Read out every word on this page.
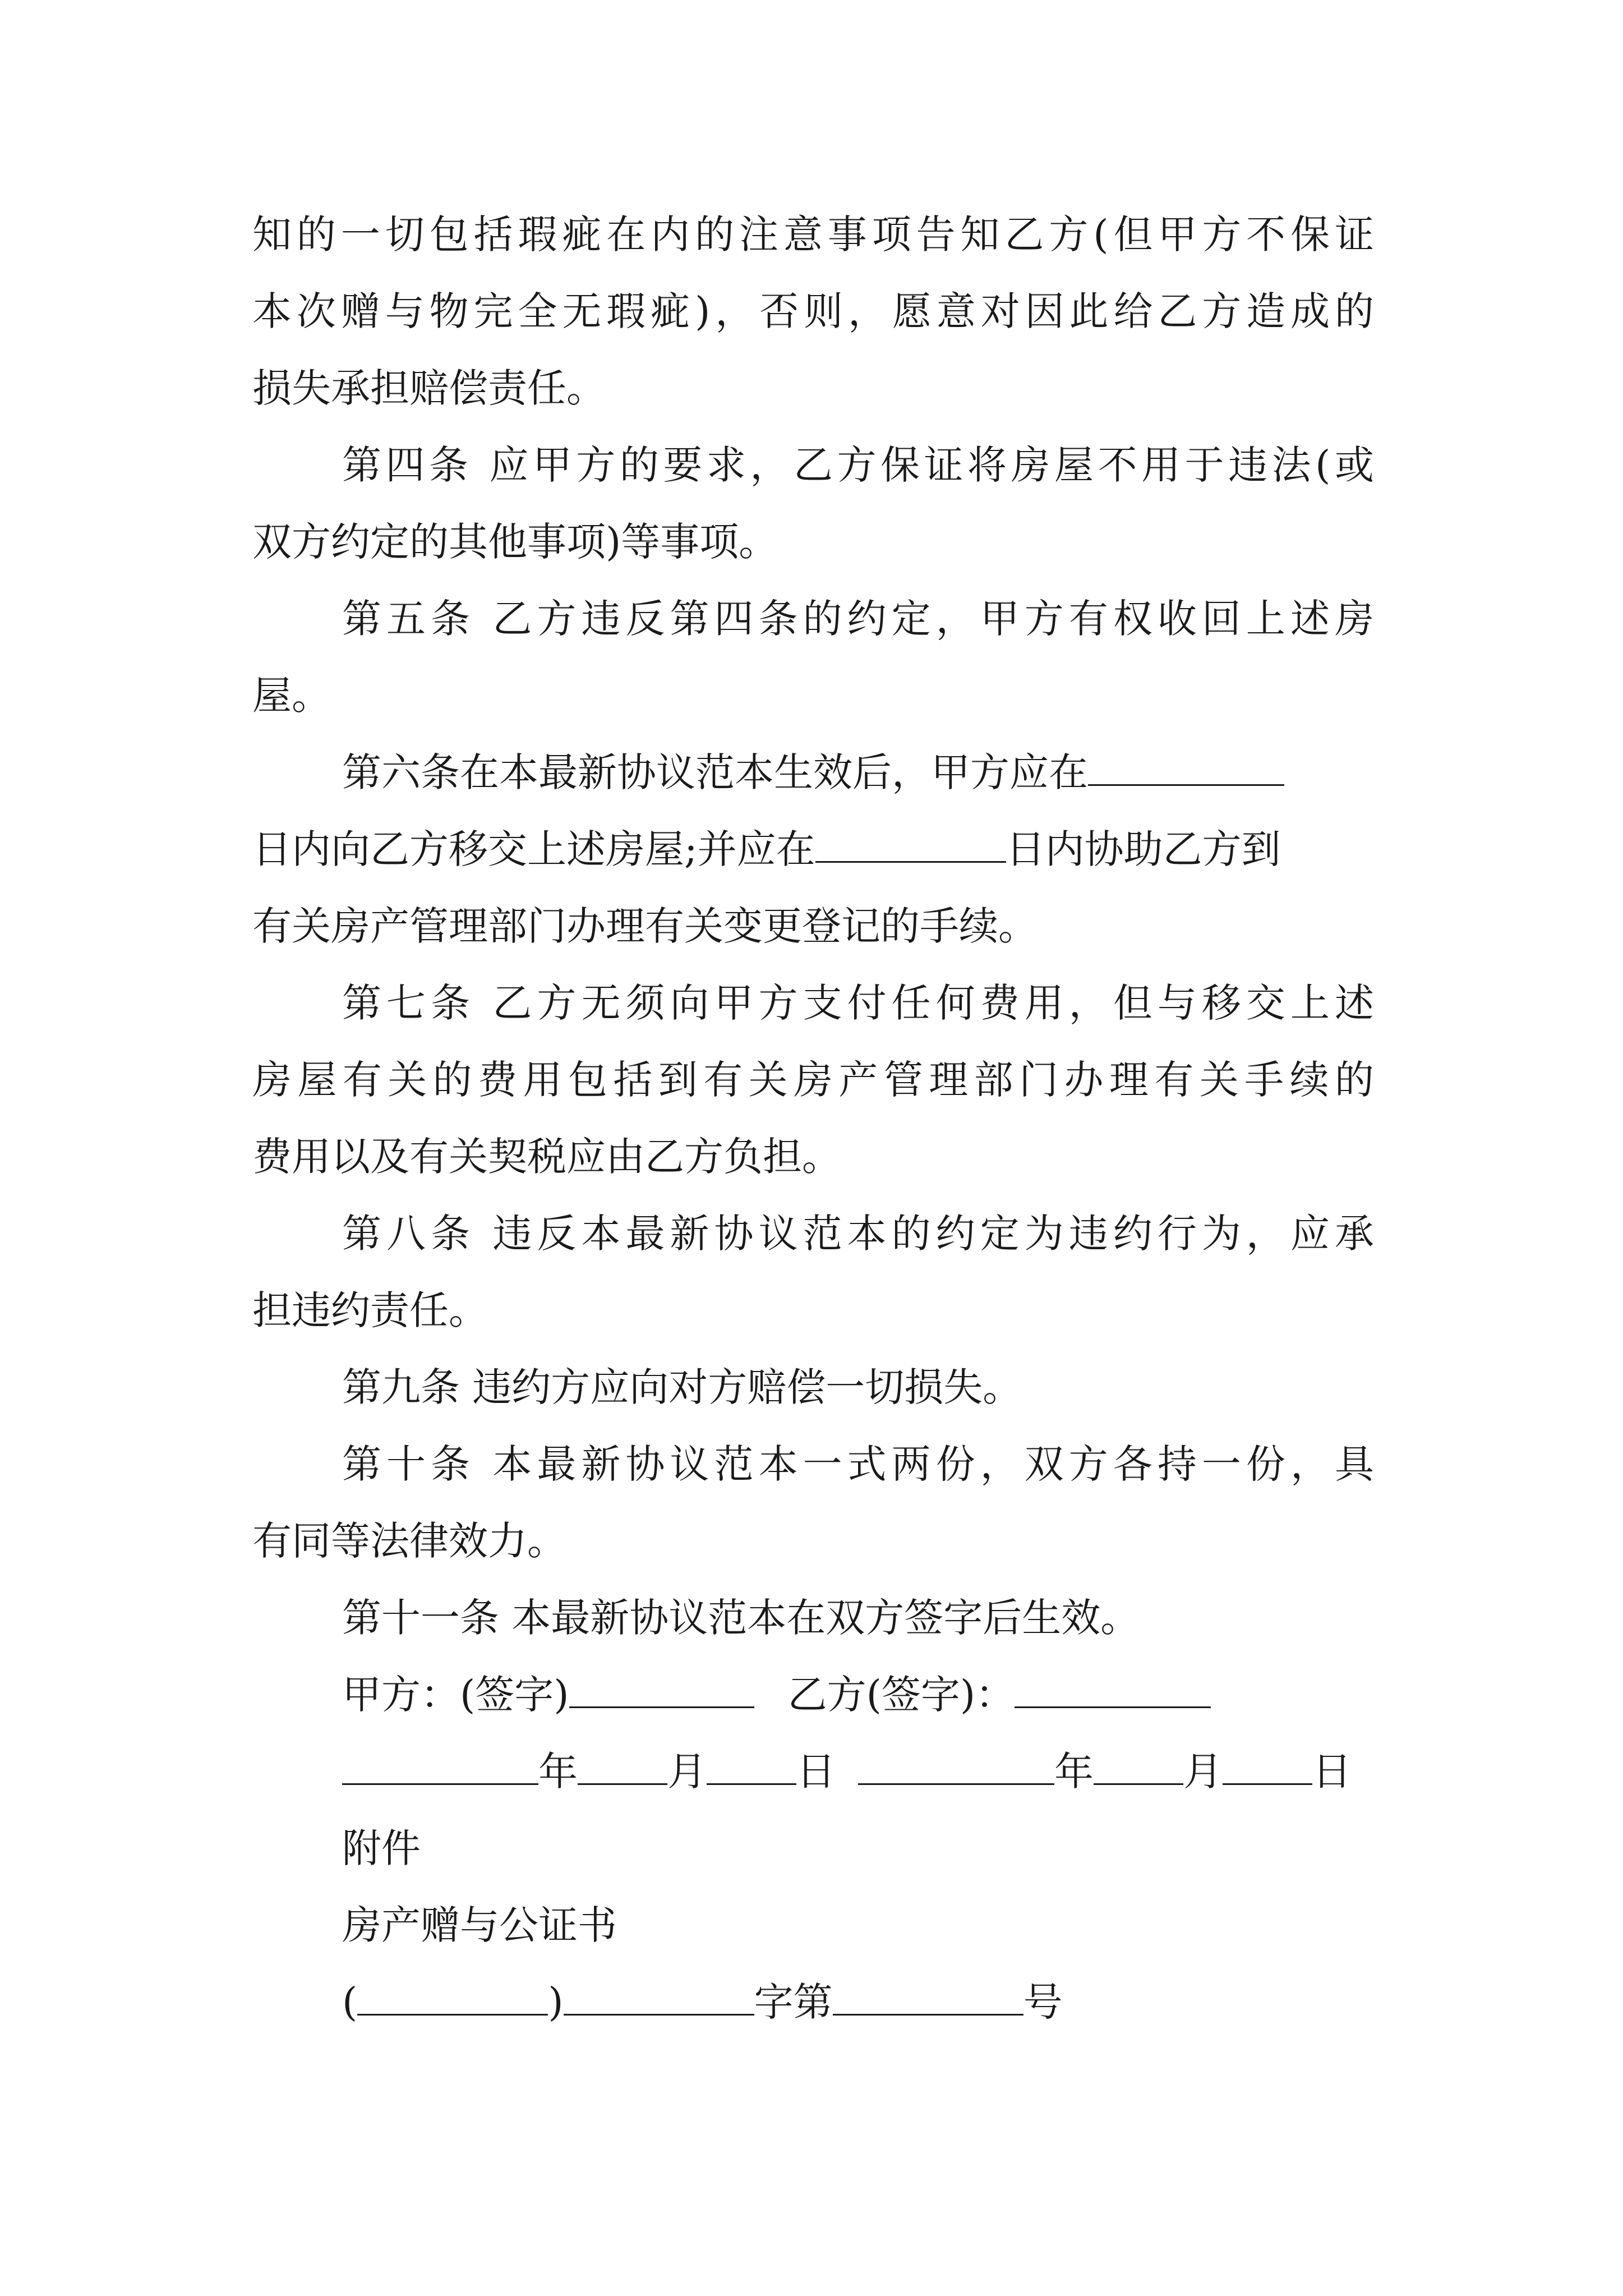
知的一切包括瑕疵在内的注意事项告知乙方(但甲方不保证
本次赠与物完全无瑕疵)，否则，愿意对因此给乙方造成的
损失承担赔偿责任。
第四条 应甲方的要求，乙方保证将房屋不用于违法(或
双方约定的其他事项)等事项。
第五条 乙方违反第四条的约定，甲方有权收回上述房
屋。
第六条在本最新协议范本生效后，甲方应在
日内向乙方移交上述房屋;并应在	日内协助乙方到
有关房产管理部门办理有关变更登记的手续。
第七条 乙方无须向甲方支付任何费用，但与移交上述
房屋有关的费用包括到有关房产管理部门办理有关手续的
费用以及有关契税应由乙方负担。
第八条 违反本最新协议范本的约定为违约行为，应承
担违约责任。
第九条 违约方应向对方赔偿一切损失。
第十条 本最新协议范本一式两份，双方各持一份，具
有同等法律效力。
第十一条 本最新协议范本在双方签字后生效。
甲方：(签字)	乙方(签字)：
年 月 日	年 月 日
附件
房产赠与公证书
(	)	字第	号
